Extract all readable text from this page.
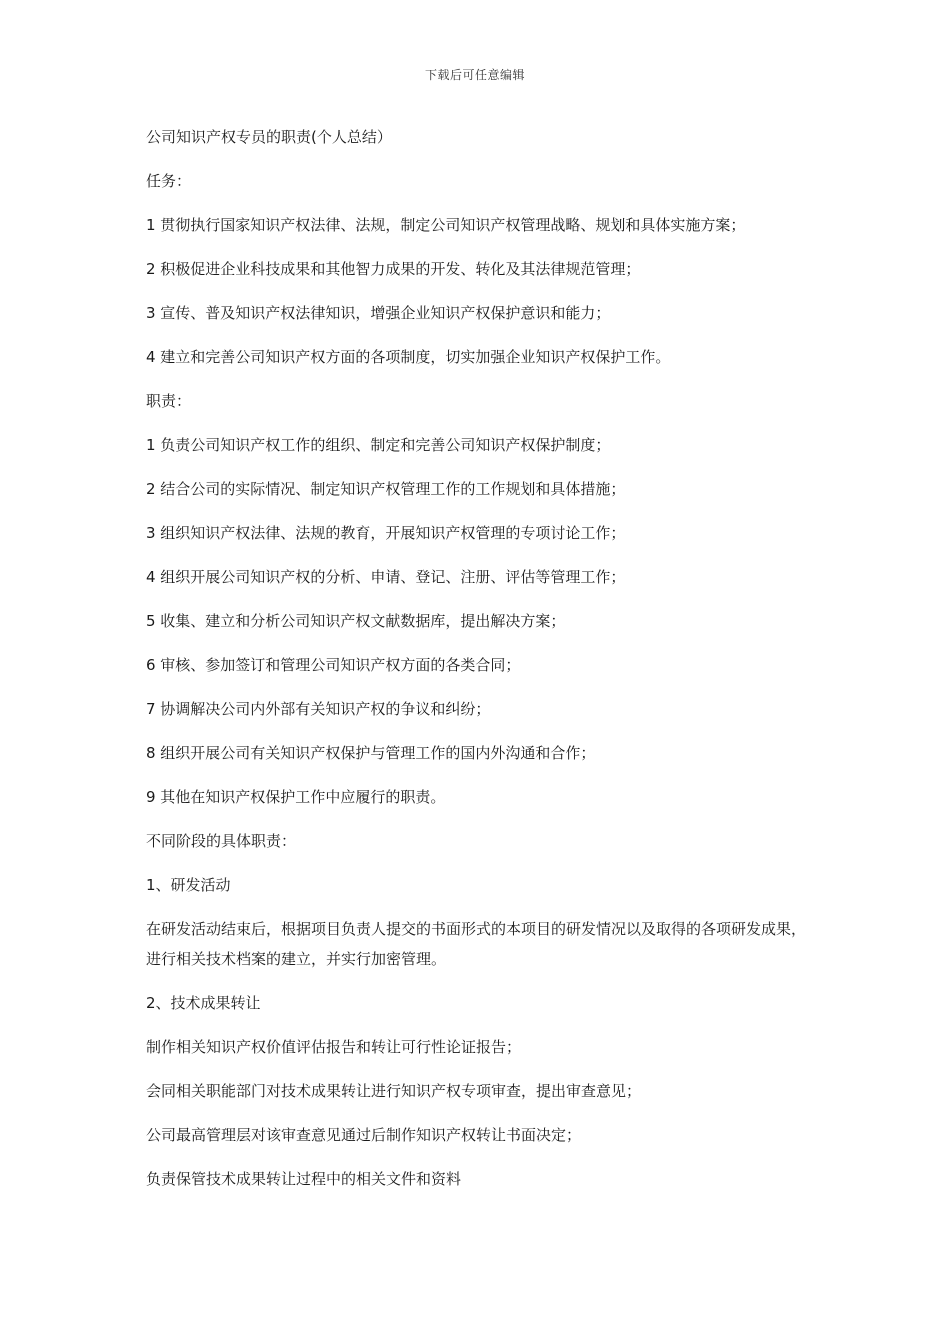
下载后可任意编辑

公司知识产权专员的职责(个人总结）

任务：

1 贯彻执行国家知识产权法律、法规，制定公司知识产权管理战略、规划和具体实施方案；

2 积极促进企业科技成果和其他智力成果的开发、转化及其法律规范管理；

3 宣传、普及知识产权法律知识，增强企业知识产权保护意识和能力；

4 建立和完善公司知识产权方面的各项制度，切实加强企业知识产权保护工作。

职责：

1 负责公司知识产权工作的组织、制定和完善公司知识产权保护制度；

2 结合公司的实际情况、制定知识产权管理工作的工作规划和具体措施；

3 组织知识产权法律、法规的教育，开展知识产权管理的专项讨论工作；

4 组织开展公司知识产权的分析、申请、登记、注册、评估等管理工作；

5 收集、建立和分析公司知识产权文献数据库，提出解决方案；

6 审核、参加签订和管理公司知识产权方面的各类合同；

7 协调解决公司内外部有关知识产权的争议和纠纷；

8 组织开展公司有关知识产权保护与管理工作的国内外沟通和合作；

9 其他在知识产权保护工作中应履行的职责。

不同阶段的具体职责：

1、研发活动

在研发活动结束后，根据项目负责人提交的书面形式的本项目的研发情况以及取得的各项研发成果，进行相关技术档案的建立，并实行加密管理。

2、技术成果转让

制作相关知识产权价值评估报告和转让可行性论证报告；

会同相关职能部门对技术成果转让进行知识产权专项审查，提出审查意见；

公司最高管理层对该审查意见通过后制作知识产权转让书面决定；

负责保管技术成果转让过程中的相关文件和资料
